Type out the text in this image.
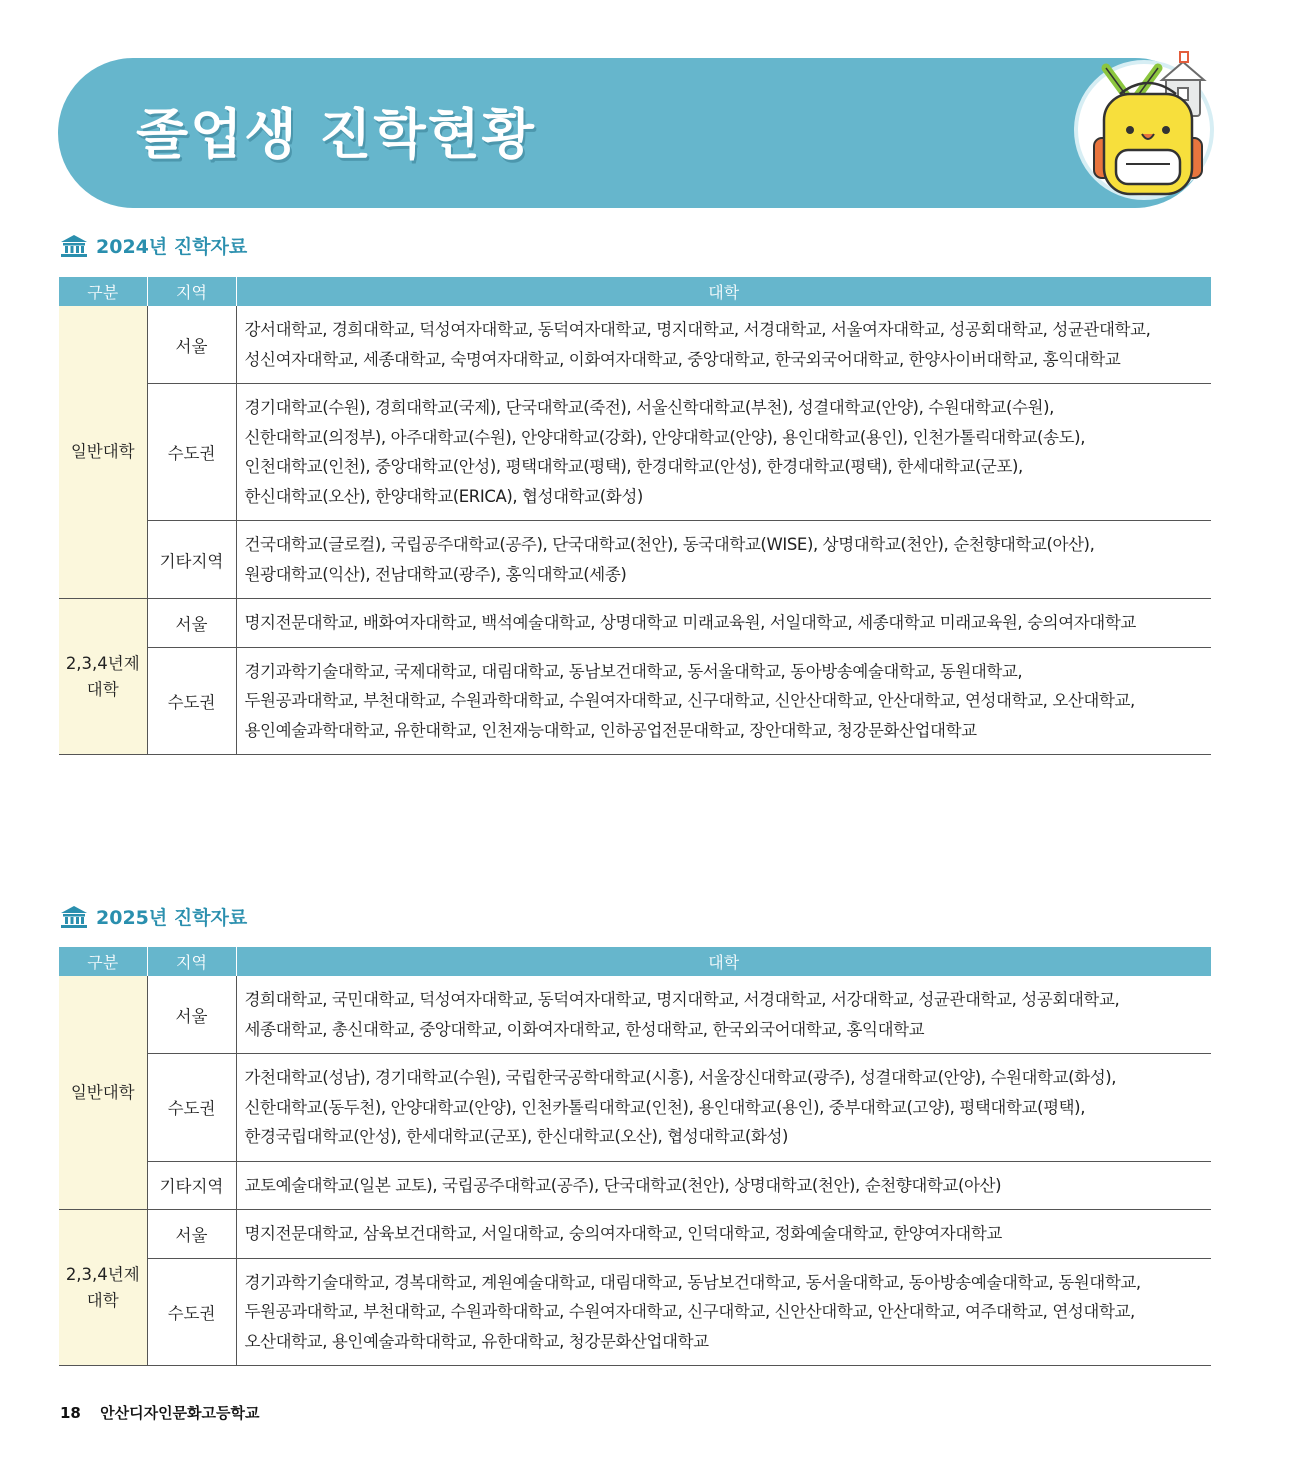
졸업생 진학현황
2024년 진학자료
구분	지역	대학
일반대학	서울	강서대학교, 경희대학교, 덕성여자대학교, 동덕여자대학교, 명지대학교, 서경대학교, 서울여자대학교, 성공회대학교, 성균관대학교,
성신여자대학교, 세종대학교, 숙명여자대학교, 이화여자대학교, 중앙대학교, 한국외국어대학교, 한양사이버대학교, 홍익대학교
	수도권	경기대학교(수원), 경희대학교(국제), 단국대학교(죽전), 서울신학대학교(부천), 성결대학교(안양), 수원대학교(수원),
신한대학교(의정부), 아주대학교(수원), 안양대학교(강화), 안양대학교(안양), 용인대학교(용인), 인천가톨릭대학교(송도),
인천대학교(인천), 중앙대학교(안성), 평택대학교(평택), 한경대학교(안성), 한경대학교(평택), 한세대학교(군포),
한신대학교(오산), 한양대학교(ERICA), 협성대학교(화성)
	기타지역	건국대학교(글로컬), 국립공주대학교(공주), 단국대학교(천안), 동국대학교(WISE), 상명대학교(천안), 순천향대학교(아산),
원광대학교(익산), 전남대학교(광주), 홍익대학교(세종)
2,3,4년제
대학	서울	명지전문대학교, 배화여자대학교, 백석예술대학교, 상명대학교 미래교육원, 서일대학교, 세종대학교 미래교육원, 숭의여자대학교
	수도권	경기과학기술대학교, 국제대학교, 대림대학교, 동남보건대학교, 동서울대학교, 동아방송예술대학교, 동원대학교,
두원공과대학교, 부천대학교, 수원과학대학교, 수원여자대학교, 신구대학교, 신안산대학교, 안산대학교, 연성대학교, 오산대학교,
용인예술과학대학교, 유한대학교, 인천재능대학교, 인하공업전문대학교, 장안대학교, 청강문화산업대학교
2025년 진학자료
구분	지역	대학
일반대학	서울	경희대학교, 국민대학교, 덕성여자대학교, 동덕여자대학교, 명지대학교, 서경대학교, 서강대학교, 성균관대학교, 성공회대학교,
세종대학교, 총신대학교, 중앙대학교, 이화여자대학교, 한성대학교, 한국외국어대학교, 홍익대학교
	수도권	가천대학교(성남), 경기대학교(수원), 국립한국공학대학교(시흥), 서울장신대학교(광주), 성결대학교(안양), 수원대학교(화성),
신한대학교(동두천), 안양대학교(안양), 인천카톨릭대학교(인천), 용인대학교(용인), 중부대학교(고양), 평택대학교(평택),
한경국립대학교(안성), 한세대학교(군포), 한신대학교(오산), 협성대학교(화성)
	기타지역	교토예술대학교(일본 교토), 국립공주대학교(공주), 단국대학교(천안), 상명대학교(천안), 순천향대학교(아산)
2,3,4년제
대학	서울	명지전문대학교, 삼육보건대학교, 서일대학교, 숭의여자대학교, 인덕대학교, 정화예술대학교, 한양여자대학교
	수도권	경기과학기술대학교, 경복대학교, 계원예술대학교, 대림대학교, 동남보건대학교, 동서울대학교, 동아방송예술대학교, 동원대학교,
두원공과대학교, 부천대학교, 수원과학대학교, 수원여자대학교, 신구대학교, 신안산대학교, 안산대학교, 여주대학교, 연성대학교,
오산대학교, 용인예술과학대학교, 유한대학교, 청강문화산업대학교
18 안산디자인문화고등학교
